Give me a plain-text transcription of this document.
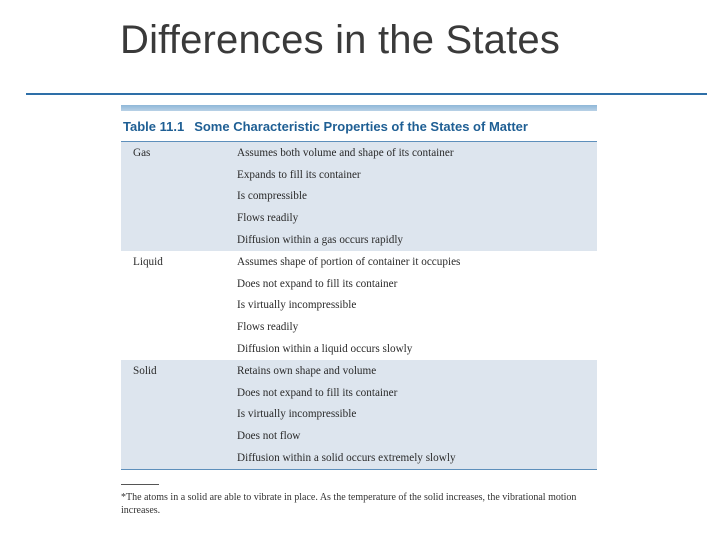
Differences in the States
Table 11.1 Some Characteristic Properties of the States of Matter
Gas	Assumes both volume and shape of its container
Expands to fill its container
Is compressible
Flows readily
Diffusion within a gas occurs rapidly
Liquid	Assumes shape of portion of container it occupies
Does not expand to fill its container
Is virtually incompressible
Flows readily
Diffusion within a liquid occurs slowly
Solid	Retains own shape and volume
Does not expand to fill its container
Is virtually incompressible
Does not flow
Diffusion within a solid occurs extremely slowly
*The atoms in a solid are able to vibrate in place. As the temperature of the solid increases, the vibrational motion increases.
